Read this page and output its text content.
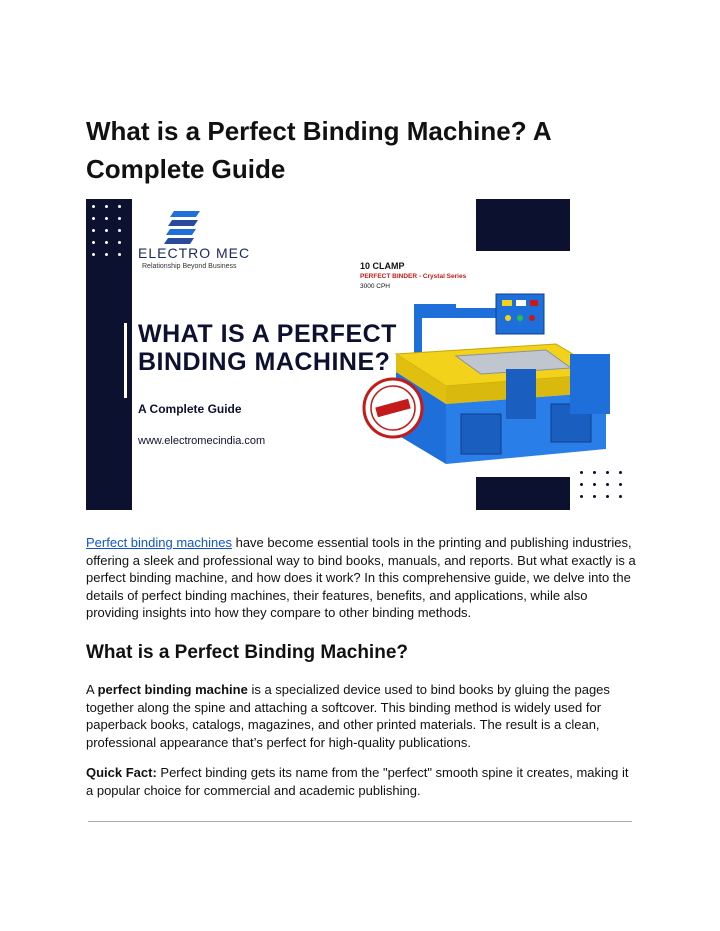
What is a Perfect Binding Machine? A Complete Guide
ELECTRO MEC
Relationship Beyond Business
WHAT IS A PERFECT
BINDING MACHINE?
A Complete Guide
www.electromecindia.com
10 CLAMP
PERFECT BINDER - Crystal Series
3000 CPH

Perfect binding machines have become essential tools in the printing and publishing industries, offering a sleek and professional way to bind books, manuals, and reports. But what exactly is a perfect binding machine, and how does it work? In this comprehensive guide, we delve into the details of perfect binding machines, their features, benefits, and applications, while also providing insights into how they compare to other binding methods.

What is a Perfect Binding Machine?

A perfect binding machine is a specialized device used to bind books by gluing the pages together along the spine and attaching a softcover. This binding method is widely used for paperback books, catalogs, magazines, and other printed materials. The result is a clean, professional appearance that’s perfect for high-quality publications.

Quick Fact: Perfect binding gets its name from the "perfect" smooth spine it creates, making it a popular choice for commercial and academic publishing.
